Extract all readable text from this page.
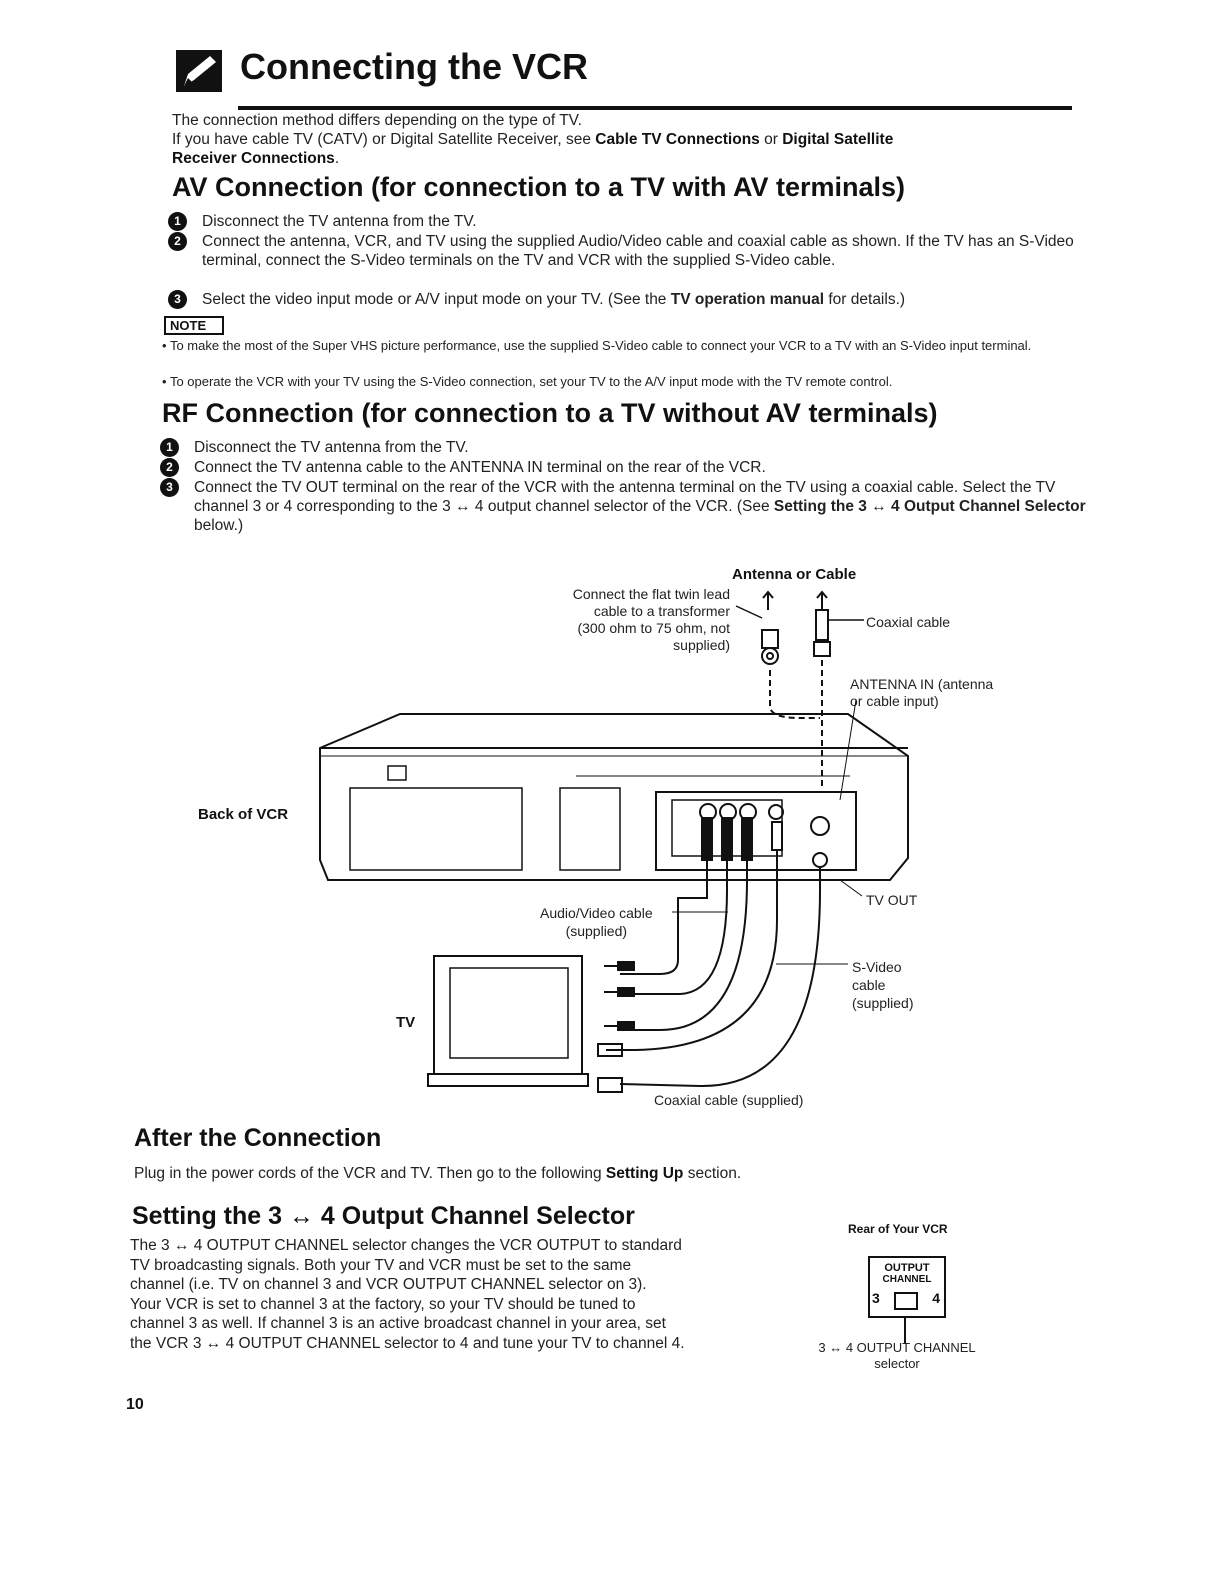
Connecting the VCR
The connection method differs depending on the type of TV.
If you have cable TV (CATV) or Digital Satellite Receiver, see Cable TV Connections or Digital Satellite
Receiver Connections.
AV Connection (for connection to a TV with AV terminals)
1	Disconnect the TV antenna from the TV.
2	Connect the antenna, VCR, and TV using the supplied Audio/Video cable and coaxial cable as shown. If the TV has an S-Video terminal, connect the S-Video terminals on the TV and VCR with the supplied S-Video cable.
3	Select the video input mode or A/V input mode on your TV. (See the TV operation manual for details.)
NOTE
• To make the most of the Super VHS picture performance, use the supplied S-Video cable to connect your VCR to a TV with an S-Video input terminal.
• To operate the VCR with your TV using the S-Video connection, set your TV to the A/V input mode with the TV remote control.
RF Connection (for connection to a TV without AV terminals)
1	Disconnect the TV antenna from the TV.
2	Connect the TV antenna cable to the ANTENNA IN terminal on the rear of the VCR.
3	Connect the TV OUT terminal on the rear of the VCR with the antenna terminal on the TV using a coaxial cable. Select the TV channel 3 or 4 corresponding to the 3 ↔ 4 output channel selector of the VCR. (See Setting the 3 ↔ 4 Output Channel Selector below.)
Antenna or Cable
Connect the flat twin lead
cable to a transformer
(300 ohm to 75 ohm, not
supplied)
Coaxial cable
ANTENNA IN (antenna
or cable input)
Back of VCR
TV OUT
Audio/Video cable
(supplied)
S-Video
cable
(supplied)
TV
Coaxial cable (supplied)
After the Connection
Plug in the power cords of the VCR and TV. Then go to the following Setting Up section.
Setting the 3 ↔ 4 Output Channel Selector
The 3 ↔ 4 OUTPUT CHANNEL selector changes the VCR OUTPUT to standard
TV broadcasting signals. Both your TV and VCR must be set to the same
channel (i.e. TV on channel 3 and VCR OUTPUT CHANNEL selector on 3).
Your VCR is set to channel 3 at the factory, so your TV should be tuned to
channel 3 as well. If channel 3 is an active broadcast channel in your area, set
the VCR 3 ↔ 4 OUTPUT CHANNEL selector to 4 and tune your TV to channel 4.
Rear of Your VCR
OUTPUT
CHANNEL
3	4
3 ↔ 4 OUTPUT CHANNEL
selector
10
